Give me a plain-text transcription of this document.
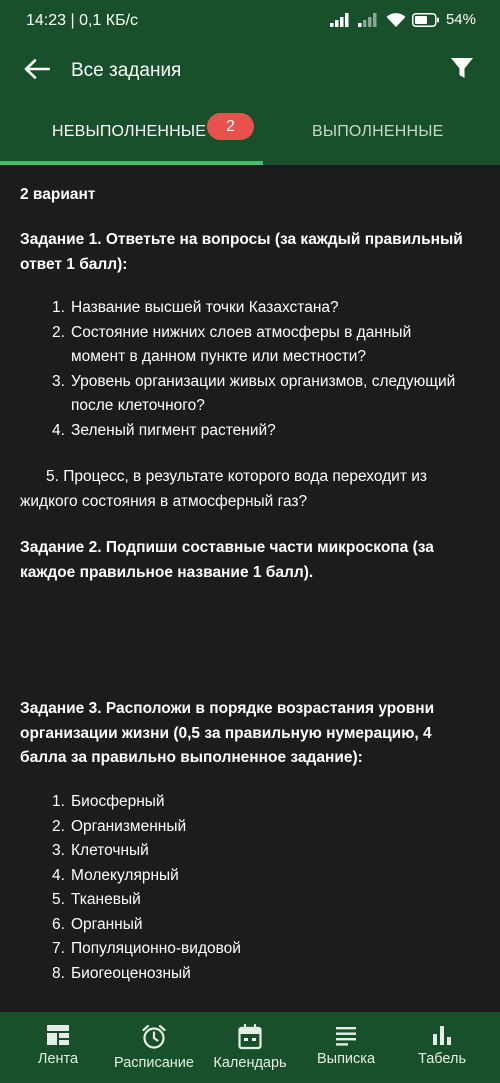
14:23 | 0,1 КБ/с	54%
Все задания
НЕВЫПОЛНЕННЫЕ	2	ВЫПОЛНЕННЫЕ
2 вариант
Задание 1. Ответьте на вопросы (за каждый правильный ответ 1 балл):
1. Название высшей точки Казахстана?
2. Состояние нижних слоев атмосферы в данный момент в данном пункте или местности?
3. Уровень организации живых организмов, следующий после клеточного?
4. Зеленый пигмент растений?
5. Процесс, в результате которого вода переходит из жидкого состояния в атмосферный газ?
Задание 2. Подпиши составные части микроскопа (за каждое правильное название 1 балл).
Задание 3. Расположи в порядке возрастания уровни организации жизни (0,5 за правильную нумерацию, 4 балла за правильно выполненное задание):
1. Биосферный
2. Организменный
3. Клеточный
4. Молекулярный
5. Тканевый
6. Органный
7. Популяционно-видовой
8. Биогеоценозный
Лента Расписание Календарь Выписка	Табель
